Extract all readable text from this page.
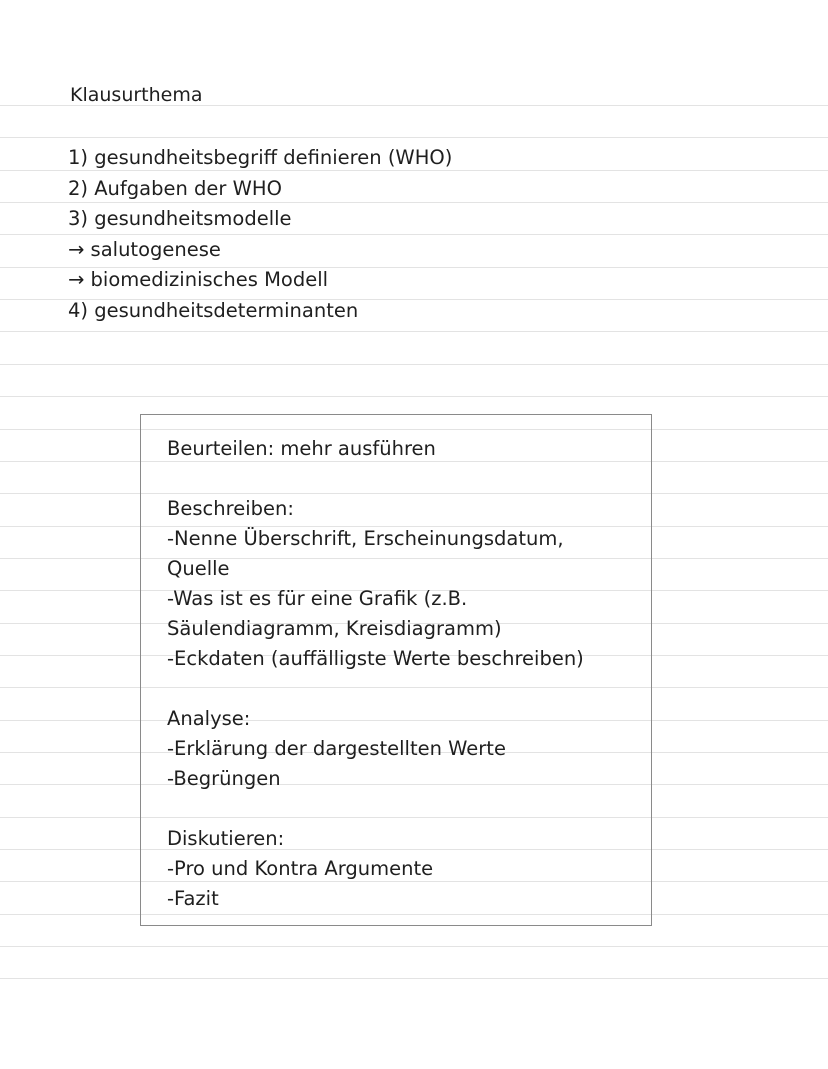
Klausurthema
1) gesundheitsbegriff definieren (WHO)
2) Aufgaben der WHO
3) gesundheitsmodelle
→ salutogenese
→ biomedizinisches Modell
4) gesundheitsdeterminanten
Beurteilen: mehr ausführen
Beschreiben:
-Nenne Überschrift, Erscheinungsdatum,
Quelle
-Was ist es für eine Grafik (z.B.
Säulendiagramm, Kreisdiagramm)
-Eckdaten (auffälligste Werte beschreiben)
Analyse:
-Erklärung der dargestellten Werte
-Begrüngen
Diskutieren:
-Pro und Kontra Argumente
-Fazit
